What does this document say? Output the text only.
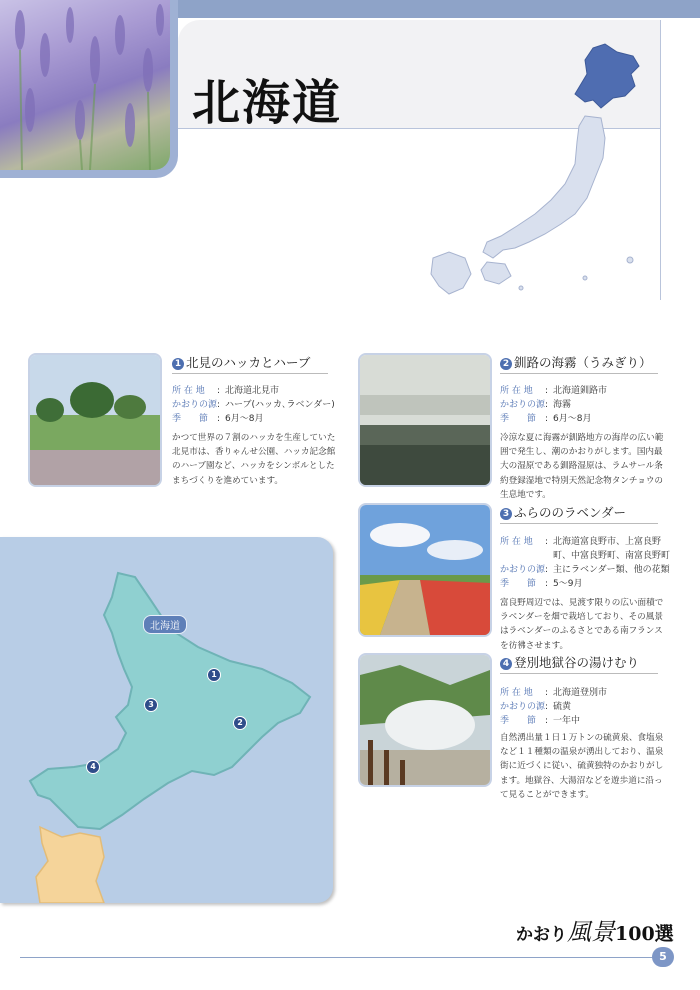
北海道
1 北見のハッカとハーブ
所 在 地 : 北海道北見市
かおりの源: ハーブ(ハッカ､ラベンダー)
季　　節 : 6月～8月
かつて世界の７割のハッカを生産していた
北見市は、香りゃんせ公園、ハッカ記念館
のハーブ園など、ハッカをシンボルとした
まちづくりを進めています。
2 釧路の海霧（うみぎり）
所 在 地 : 北海道釧路市
かおりの源: 海霧
季　　節 : 6月～8月
冷涼な夏に海霧が釧路地方の海岸の広い範
囲で発生し、潮のかおりがします。国内最
大の湿原である釧路湿原は、ラムサール条
約登録湿地で特別天然記念物タンチョウの
生息地です。
3 ふらののラベンダー
所 在 地 : 北海道富良野市、上富良野
町、中富良野町、南富良野町
かおりの源: 主にラベンダー類、他の花類
季　　節 : 5～9月
富良野周辺では、見渡す限りの広い面積で
ラベンダーを畑で栽培しており、その風景
はラベンダーのふるさとである南フランス
を彷彿させます。
4 登別地獄谷の湯けむり
所 在 地 : 北海道登別市
かおりの源: 硫黄
季　　節 : 一年中
自然湧出量１日１万トンの硫黄泉、食塩泉
など１１種類の温泉が湧出しており、温泉
街に近づくに従い、硫黄独特のかおりがし
ます。地獄谷、大湯沼などを遊歩道に沿っ
て見ることができます。
北海道
1
2
3
4
かおり風景100選
5
